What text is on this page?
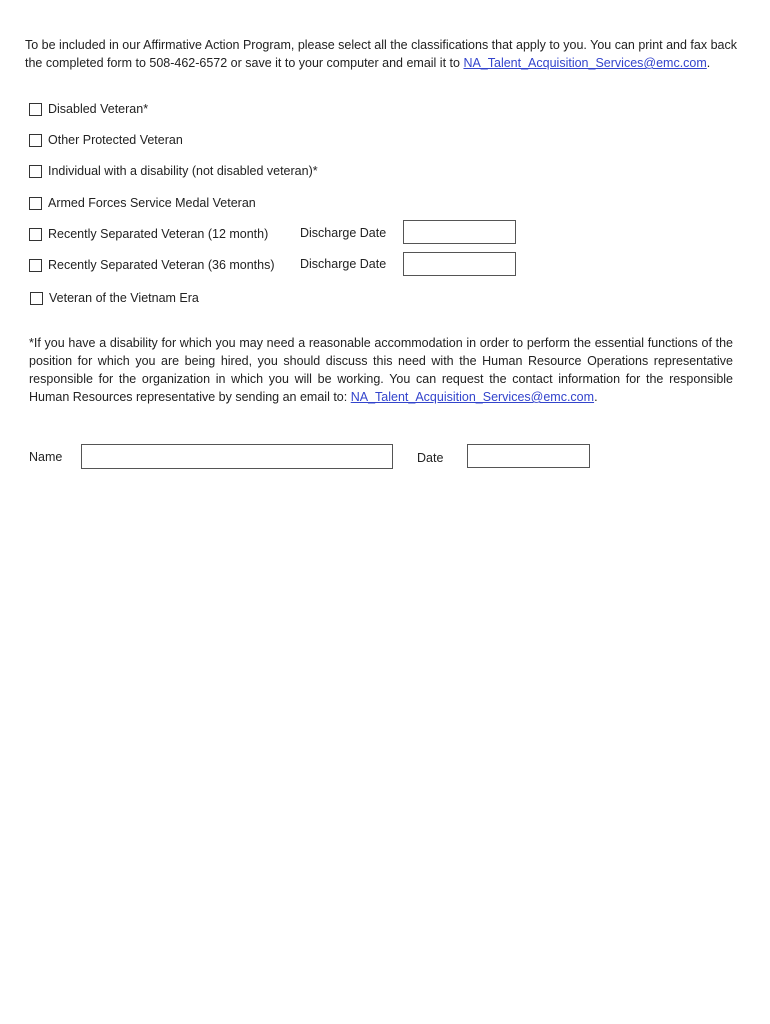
To be included in our Affirmative Action Program, please select all the classifications that apply to you. You can print and fax back the completed form to 508-462-6572 or save it to your computer and email it to NA_Talent_Acquisition_Services@emc.com.
Disabled Veteran*
Other Protected Veteran
Individual with a disability (not disabled veteran)*
Armed Forces Service Medal Veteran
Recently Separated Veteran (12 month)
Recently Separated Veteran (36 months)
Veteran of the Vietnam Era
Discharge Date
Discharge Date
*If you have a disability for which you may need a reasonable accommodation in order to perform the essential functions of the position for which you are being hired, you should discuss this need with the Human Resource Operations representative responsible for the organization in which you will be working. You can request the contact information for the responsible Human Resources representative by sending an email to: NA_Talent_Acquisition_Services@emc.com.
Name	Date
